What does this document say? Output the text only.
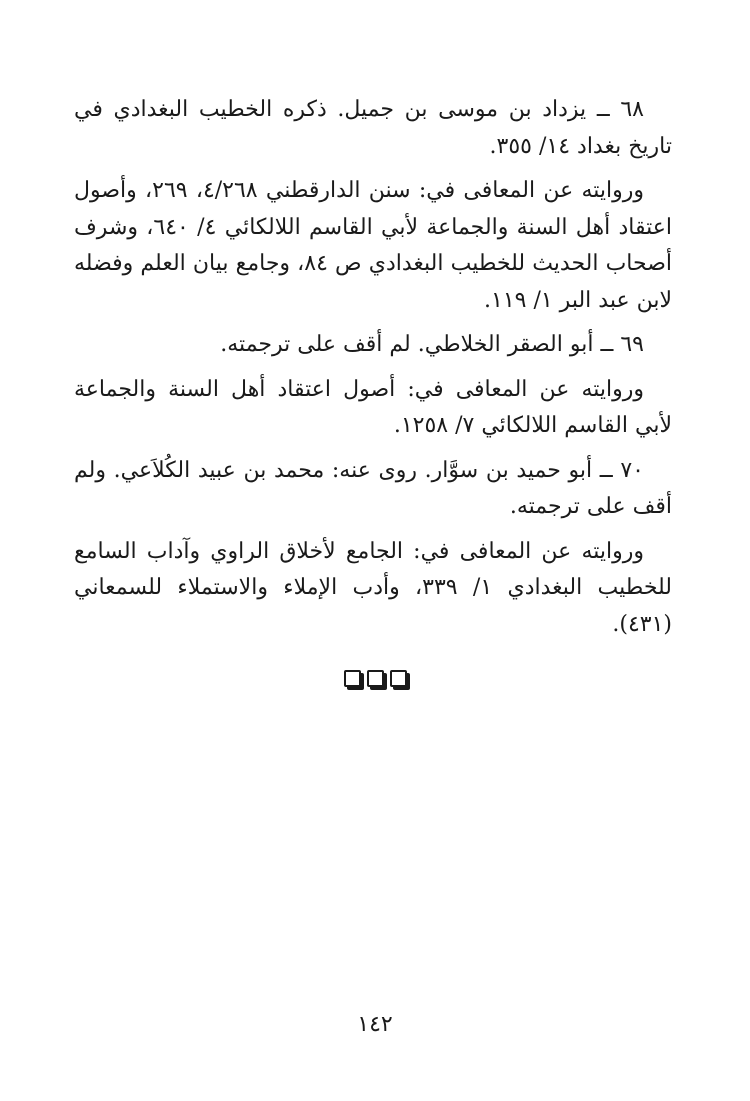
٦٨ ــ يزداد بن موسى بن جميل. ذكره الخطيب البغدادي في تاريخ بغداد ١٤/ ٣٥٥.

وروايته عن المعافى في: سنن الدارقطني ٤/٢٦٨، ٢٦٩، وأصول اعتقاد أهل السنة والجماعة لأبي القاسم اللالكائي ٤/ ٦٤٠، وشرف أصحاب الحديث للخطيب البغدادي ص ٨٤، وجامع بيان العلم وفضله لابن عبد البر ١/ ١١٩.

٦٩ ــ أبو الصقر الخلاطي. لم أقف على ترجمته.

وروايته عن المعافى في: أصول اعتقاد أهل السنة والجماعة لأبي القاسم اللالكائي ٧/ ١٢٥٨.

٧٠ ــ أبو حميد بن سوَّار. روى عنه: محمد بن عبيد الكُلاَعي. ولم أقف على ترجمته.

وروايته عن المعافى في: الجامع لأخلاق الراوي وآداب السامع للخطيب البغدادي ١/ ٣٣٩، وأدب الإملاء والاستملاء للسمعاني (٤٣١).

١٤٢
